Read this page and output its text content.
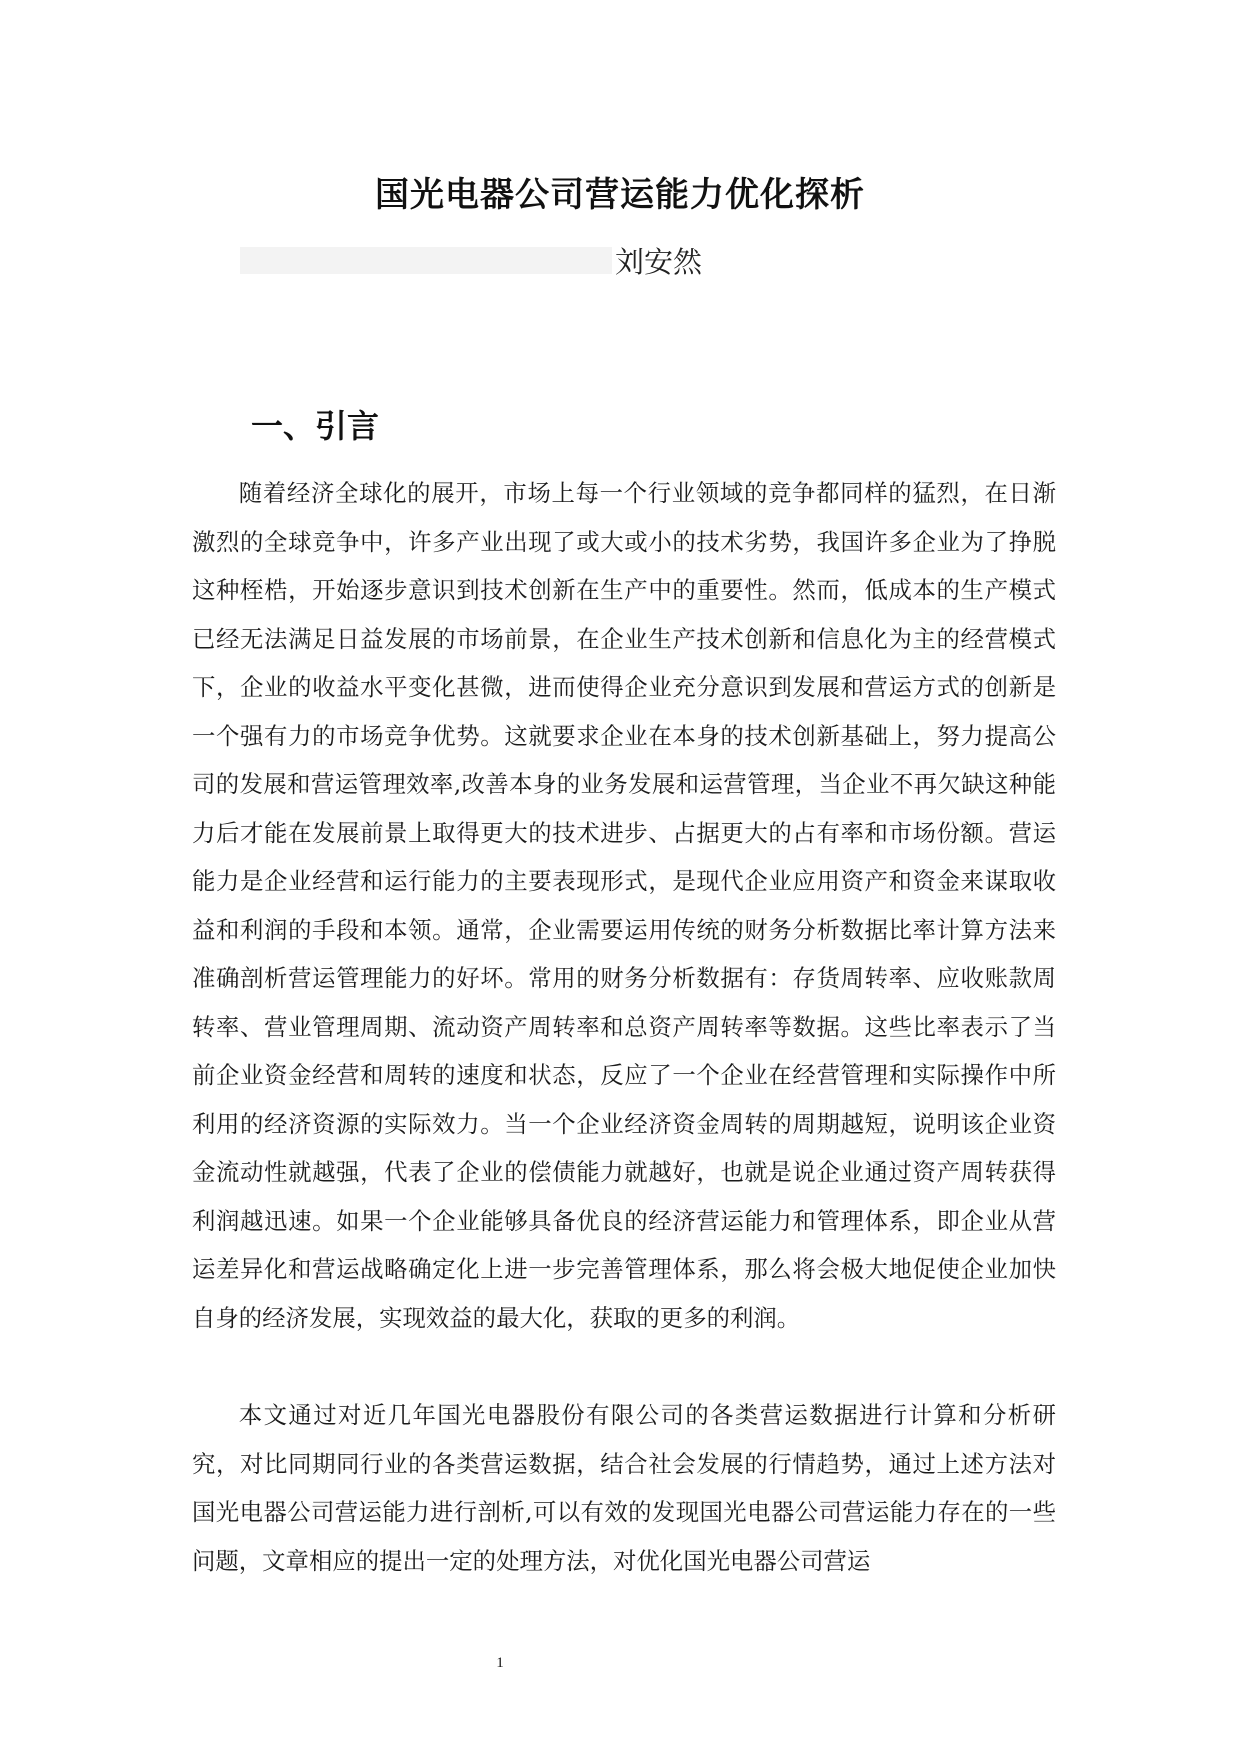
国光电器公司营运能力优化探析
刘安然
一、引言

随着经济全球化的展开，市场上每一个行业领域的竞争都同样的猛烈，在日渐激烈的全球竞争中，许多产业出现了或大或小的技术劣势，我国许多企业为了挣脱这种桎梏，开始逐步意识到技术创新在生产中的重要性。然而，低成本的生产模式已经无法满足日益发展的市场前景，在企业生产技术创新和信息化为主的经营模式下，企业的收益水平变化甚微，进而使得企业充分意识到发展和营运方式的创新是一个强有力的市场竞争优势。这就要求企业在本身的技术创新基础上，努力提高公司的发展和营运管理效率,改善本身的业务发展和运营管理，当企业不再欠缺这种能力后才能在发展前景上取得更大的技术进步、占据更大的占有率和市场份额。营运能力是企业经营和运行能力的主要表现形式，是现代企业应用资产和资金来谋取收益和利润的手段和本领。通常，企业需要运用传统的财务分析数据比率计算方法来准确剖析营运管理能力的好坏。常用的财务分析数据有：存货周转率、应收账款周转率、营业管理周期、流动资产周转率和总资产周转率等数据。这些比率表示了当前企业资金经营和周转的速度和状态，反应了一个企业在经营管理和实际操作中所利用的经济资源的实际效力。当一个企业经济资金周转的周期越短，说明该企业资金流动性就越强，代表了企业的偿债能力就越好，也就是说企业通过资产周转获得利润越迅速。如果一个企业能够具备优良的经济营运能力和管理体系，即企业从营运差异化和营运战略确定化上进一步完善管理体系，那么将会极大地促使企业加快自身的经济发展，实现效益的最大化，获取的更多的利润。

本文通过对近几年国光电器股份有限公司的各类营运数据进行计算和分析研究，对比同期同行业的各类营运数据，结合社会发展的行情趋势，通过上述方法对国光电器公司营运能力进行剖析,可以有效的发现国光电器公司营运能力存在的一些问题，文章相应的提出一定的处理方法，对优化国光电器公司营运

1
